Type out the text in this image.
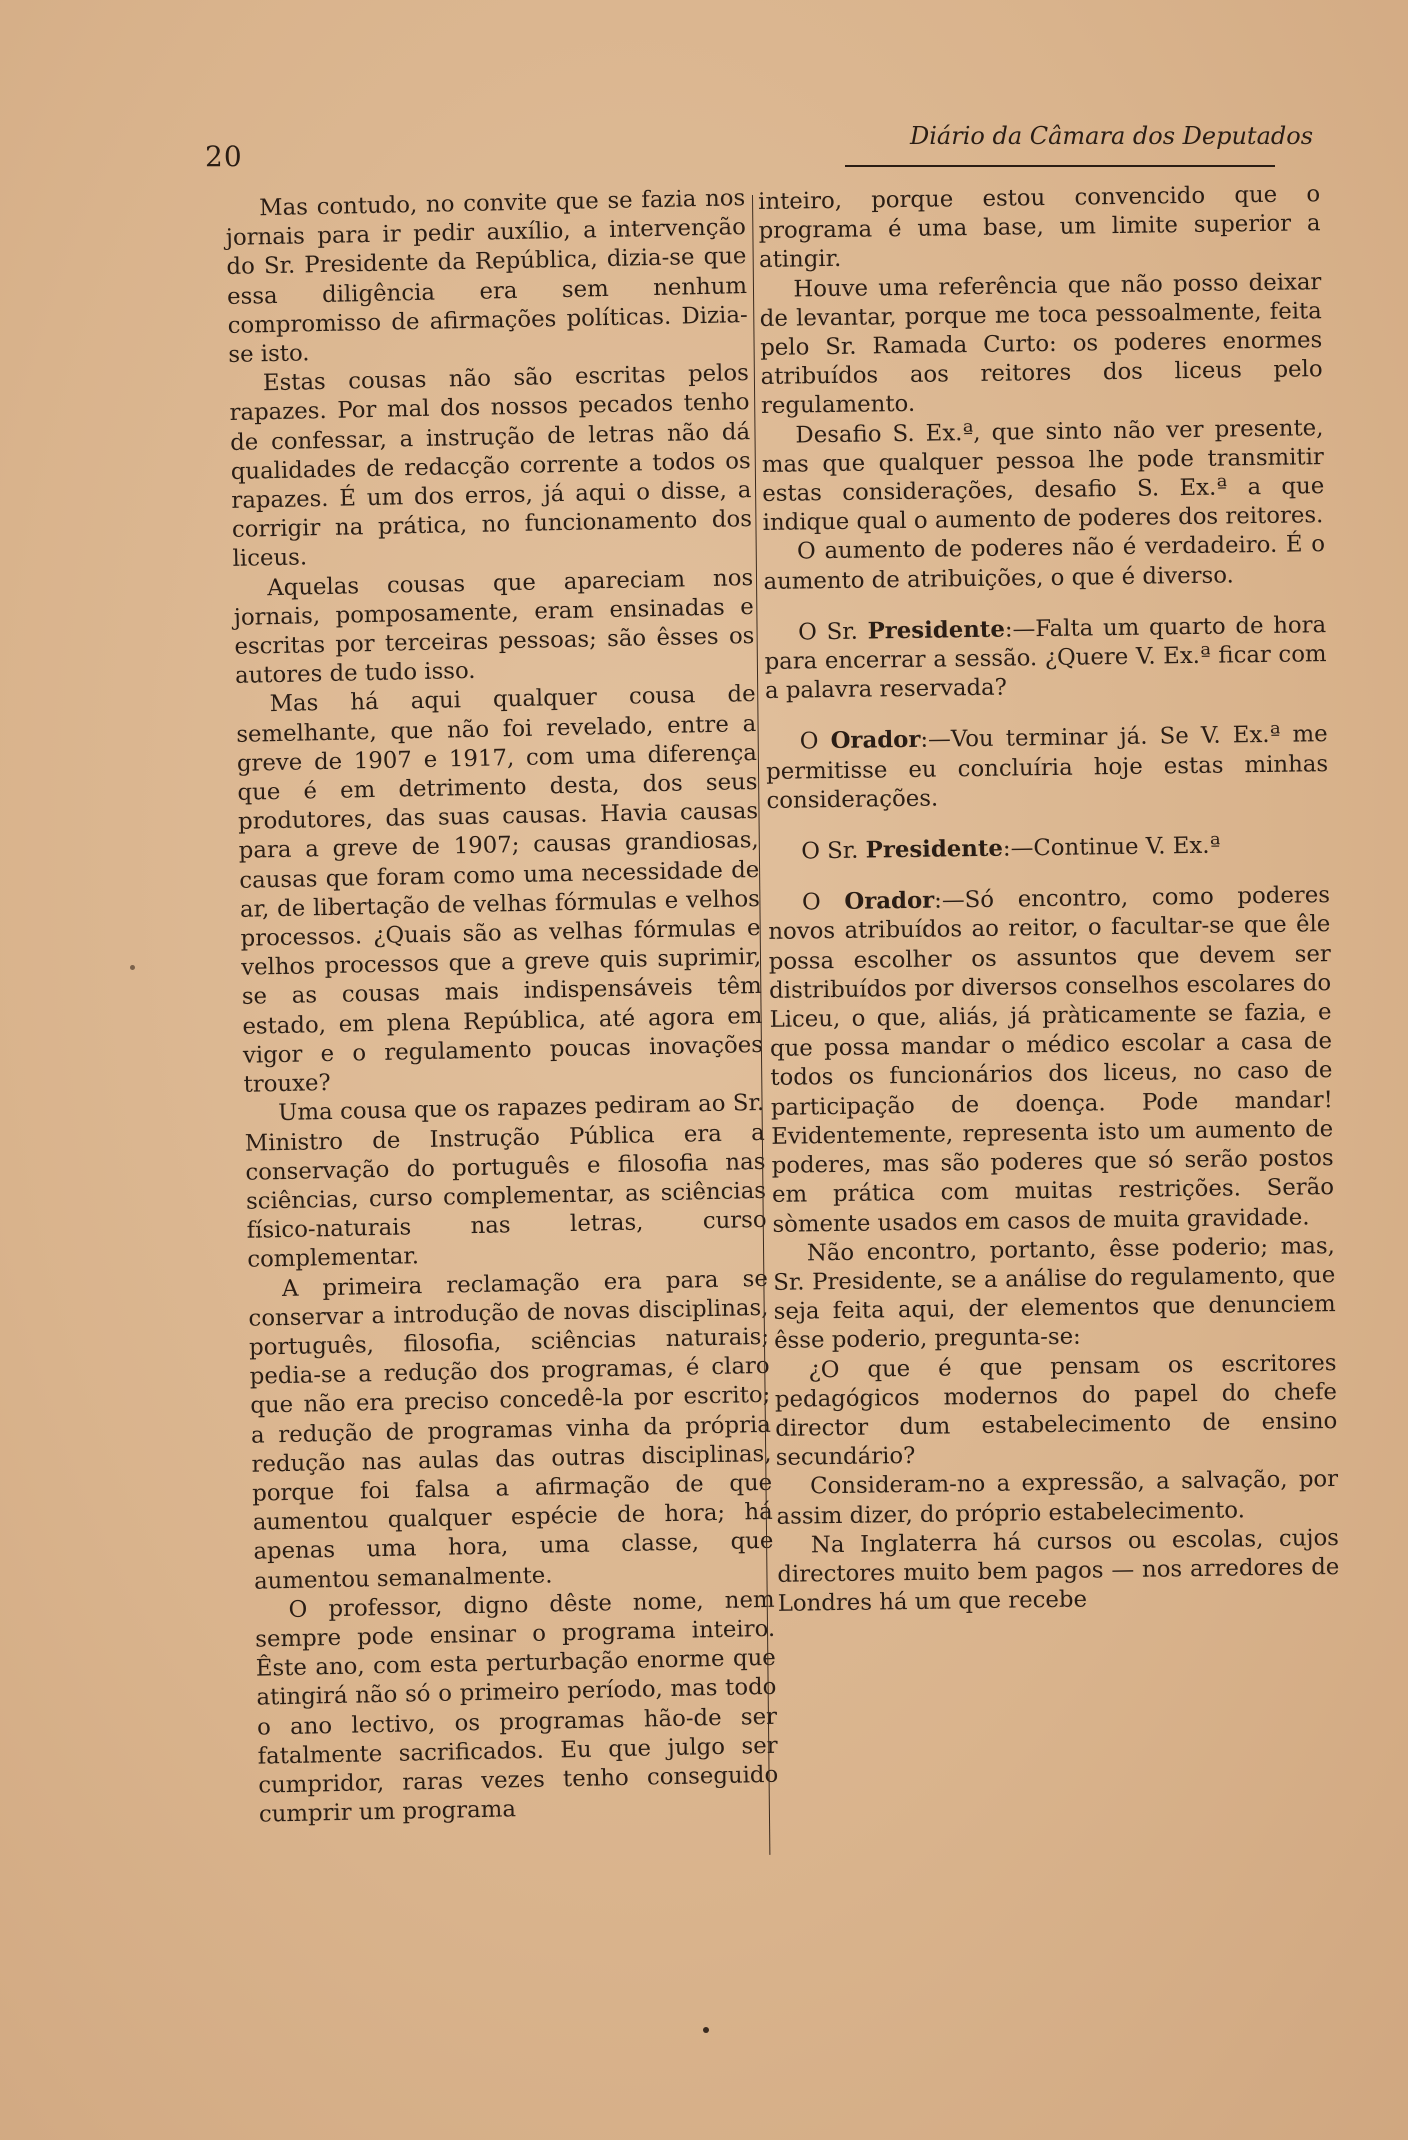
20
Diário da Câmara dos Deputados

Mas contudo, no convite que se fazia nos jornais para ir pedir auxílio, a intervenção do Sr. Presidente da República, dizia-se que essa diligência era sem nenhum compromisso de afirmações políticas. Dizia-se isto.

Estas cousas não são escritas pelos rapazes. Por mal dos nossos pecados tenho de confessar, a instrução de letras não dá qualidades de redacção corrente a todos os rapazes. É um dos erros, já aqui o disse, a corrigir na prática, no funcionamento dos liceus.

Aquelas cousas que apareciam nos jornais, pomposamente, eram ensinadas e escritas por terceiras pessoas; são êsses os autores de tudo isso.

Mas há aqui qualquer cousa de semelhante, que não foi revelado, entre a greve de 1907 e 1917, com uma diferença que é em detrimento desta, dos seus produtores, das suas causas. Havia causas para a greve de 1907; causas grandiosas, causas que foram como uma necessidade de ar, de libertação de velhas fórmulas e velhos processos. ¿Quais são as velhas fórmulas e velhos processos que a greve quis suprimir, se as cousas mais indispensáveis têm estado, em plena República, até agora em vigor e o regulamento poucas inovações trouxe?

Uma cousa que os rapazes pediram ao Sr. Ministro de Instrução Pública era a conservação do português e filosofia nas sciências, curso complementar, as sciências físico-naturais nas letras, curso complementar.

A primeira reclamação era para se conservar a introdução de novas disciplinas, português, filosofia, sciências naturais; pedia-se a redução dos programas, é claro que não era preciso concedê-la por escrito; a redução de programas vinha da própria redução nas aulas das outras disciplinas, porque foi falsa a afirmação de que aumentou qualquer espécie de hora; há apenas uma hora, uma classe, que aumentou semanalmente.

O professor, digno dêste nome, nem sempre pode ensinar o programa inteiro. Êste ano, com esta perturbação enorme que atingirá não só o primeiro período, mas todo o ano lectivo, os programas hão-de ser fatalmente sacrificados. Eu que julgo ser cumpridor, raras vezes tenho conseguido cumprir um programa

inteiro, porque estou convencido que o programa é uma base, um limite superior a atingir.

Houve uma referência que não posso deixar de levantar, porque me toca pessoalmente, feita pelo Sr. Ramada Curto: os poderes enormes atribuídos aos reitores dos liceus pelo regulamento.

Desafio S. Ex.ª, que sinto não ver presente, mas que qualquer pessoa lhe pode transmitir estas considerações, desafio S. Ex.ª a que indique qual o aumento de poderes dos reitores.

O aumento de poderes não é verdadeiro. É o aumento de atribuições, o que é diverso.

O Sr. Presidente:—Falta um quarto de hora para encerrar a sessão. ¿Quere V. Ex.ª ficar com a palavra reservada?

O Orador:—Vou terminar já. Se V. Ex.ª me permitisse eu concluíria hoje estas minhas considerações.

O Sr. Presidente:—Continue V. Ex.ª

O Orador:—Só encontro, como poderes novos atribuídos ao reitor, o facultar-se que êle possa escolher os assuntos que devem ser distribuídos por diversos conselhos escolares do Liceu, o que, aliás, já pràticamente se fazia, e que possa mandar o médico escolar a casa de todos os funcionários dos liceus, no caso de participação de doença. Pode mandar! Evidentemente, representa isto um aumento de poderes, mas são poderes que só serão postos em prática com muitas restrições. Serão sòmente usados em casos de muita gravidade.

Não encontro, portanto, êsse poderio; mas, Sr. Presidente, se a análise do regulamento, que seja feita aqui, der elementos que denunciem êsse poderio, pregunta-se:

¿O que é que pensam os escritores pedagógicos modernos do papel do chefe director dum estabelecimento de ensino secundário?

Consideram-no a expressão, a salvação, por assim dizer, do próprio estabelecimento.

Na Inglaterra há cursos ou escolas, cujos directores muito bem pagos — nos arredores de Londres há um que recebe
